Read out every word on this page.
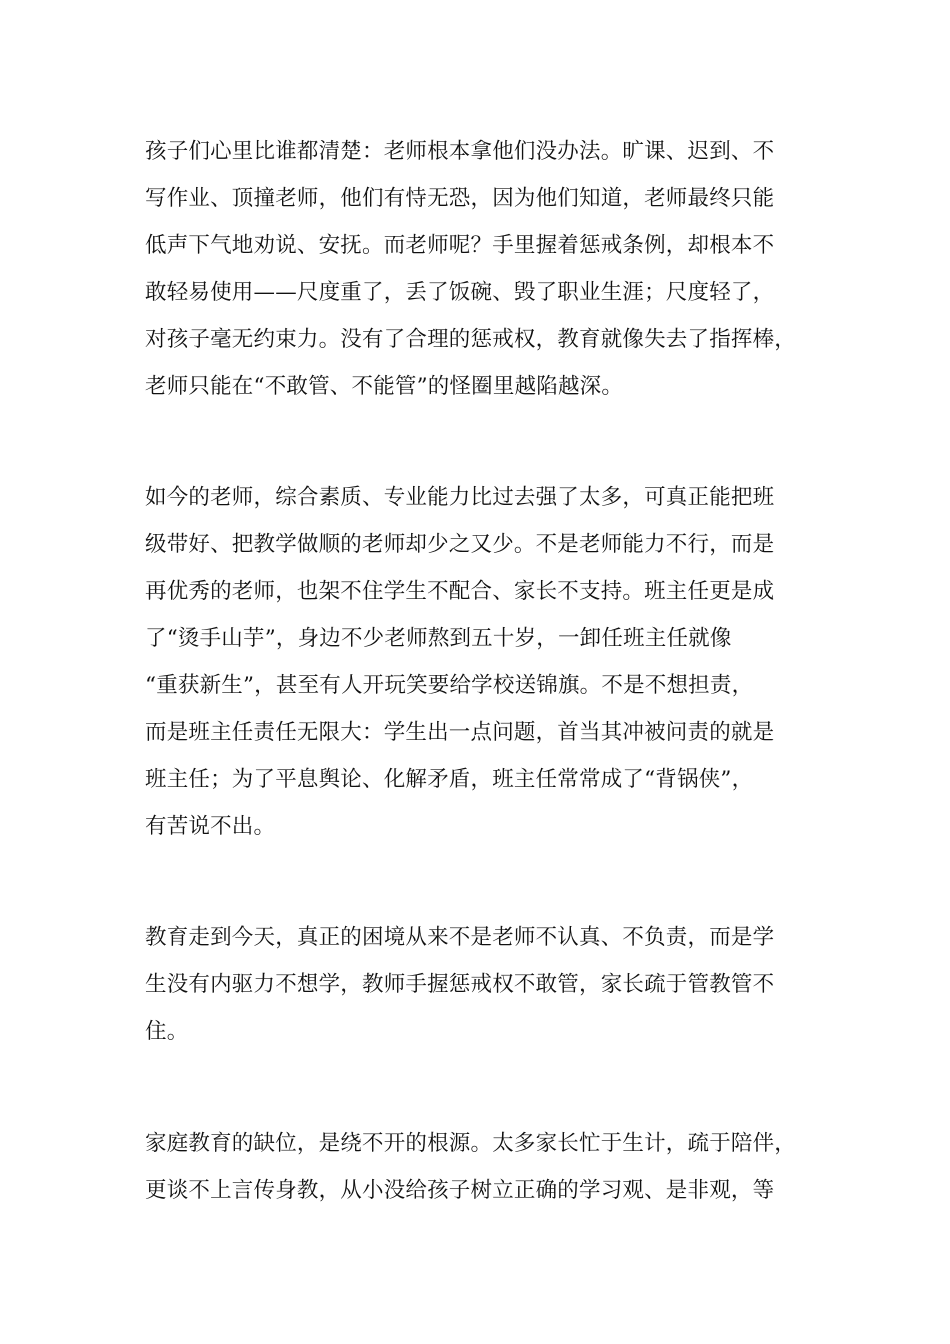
孩子们心里比谁都清楚：老师根本拿他们没办法。旷课、迟到、不
写作业、顶撞老师，他们有恃无恐，因为他们知道，老师最终只能
低声下气地劝说、安抚。而老师呢？手里握着惩戒条例，却根本不
敢轻易使用——尺度重了，丢了饭碗、毁了职业生涯；尺度轻了，
对孩子毫无约束力。没有了合理的惩戒权，教育就像失去了指挥棒，
老师只能在“不敢管、不能管”的怪圈里越陷越深。
如今的老师，综合素质、专业能力比过去强了太多，可真正能把班
级带好、把教学做顺的老师却少之又少。不是老师能力不行，而是
再优秀的老师，也架不住学生不配合、家长不支持。班主任更是成
了“烫手山芋”，身边不少老师熬到五十岁，一卸任班主任就像
“重获新生”，甚至有人开玩笑要给学校送锦旗。不是不想担责，
而是班主任责任无限大：学生出一点问题，首当其冲被问责的就是
班主任；为了平息舆论、化解矛盾，班主任常常成了“背锅侠”，
有苦说不出。
教育走到今天，真正的困境从来不是老师不认真、不负责，而是学
生没有内驱力不想学，教师手握惩戒权不敢管，家长疏于管教管不
住。
家庭教育的缺位，是绕不开的根源。太多家长忙于生计，疏于陪伴，
更谈不上言传身教，从小没给孩子树立正确的学习观、是非观，等
